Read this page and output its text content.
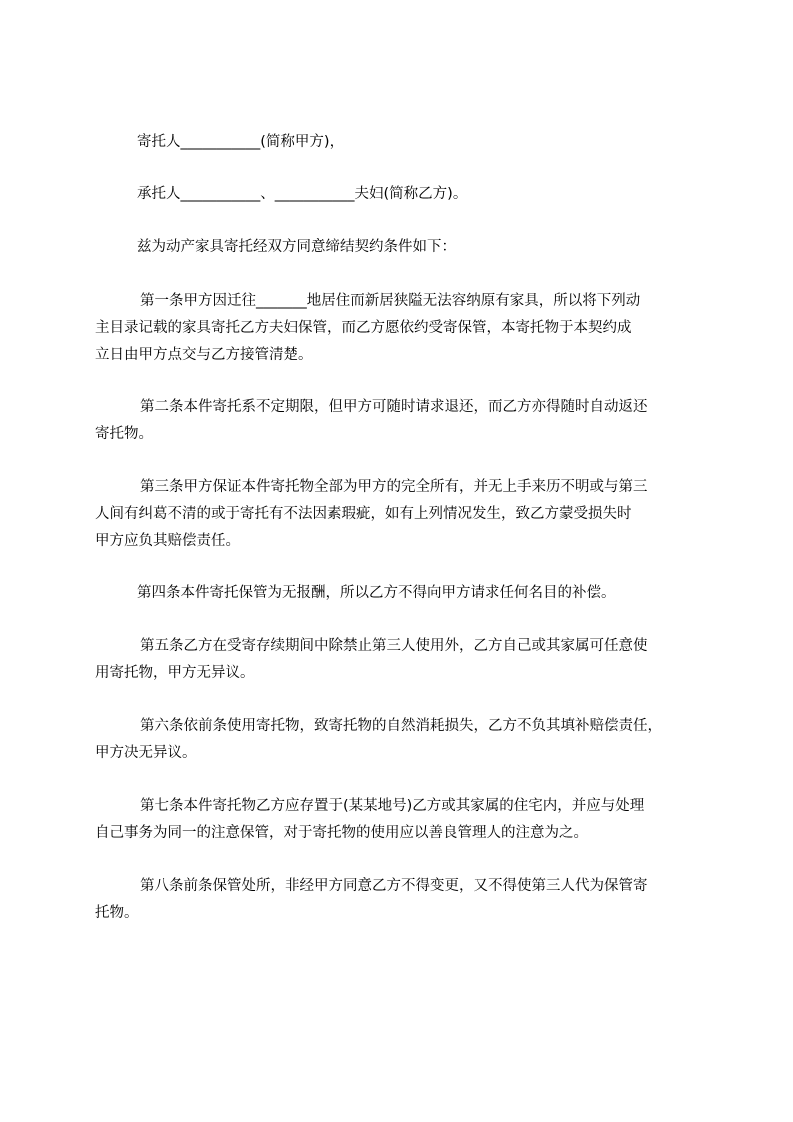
寄托人___________(简称甲方)，
承托人___________、___________夫妇(简称乙方)。
兹为动产家具寄托经双方同意缔结契约条件如下：
第一条甲方因迁往_______地居住而新居狭隘无法容纳原有家具，所以将下列动
主目录记载的家具寄托乙方夫妇保管，而乙方愿依约受寄保管，本寄托物于本契约成
立日由甲方点交与乙方接管清楚。
第二条本件寄托系不定期限，但甲方可随时请求退还，而乙方亦得随时自动返还
寄托物。
第三条甲方保证本件寄托物全部为甲方的完全所有，并无上手来历不明或与第三
人间有纠葛不清的或于寄托有不法因素瑕疵，如有上列情况发生，致乙方蒙受损失时
甲方应负其赔偿责任。
第四条本件寄托保管为无报酬，所以乙方不得向甲方请求任何名目的补偿。
第五条乙方在受寄存续期间中除禁止第三人使用外，乙方自己或其家属可任意使
用寄托物，甲方无异议。
第六条依前条使用寄托物，致寄托物的自然消耗损失，乙方不负其填补赔偿责任，
甲方决无异议。
第七条本件寄托物乙方应存置于(某某地号)乙方或其家属的住宅内，并应与处理
自己事务为同一的注意保管，对于寄托物的使用应以善良管理人的注意为之。
第八条前条保管处所，非经甲方同意乙方不得变更，又不得使第三人代为保管寄
托物。
